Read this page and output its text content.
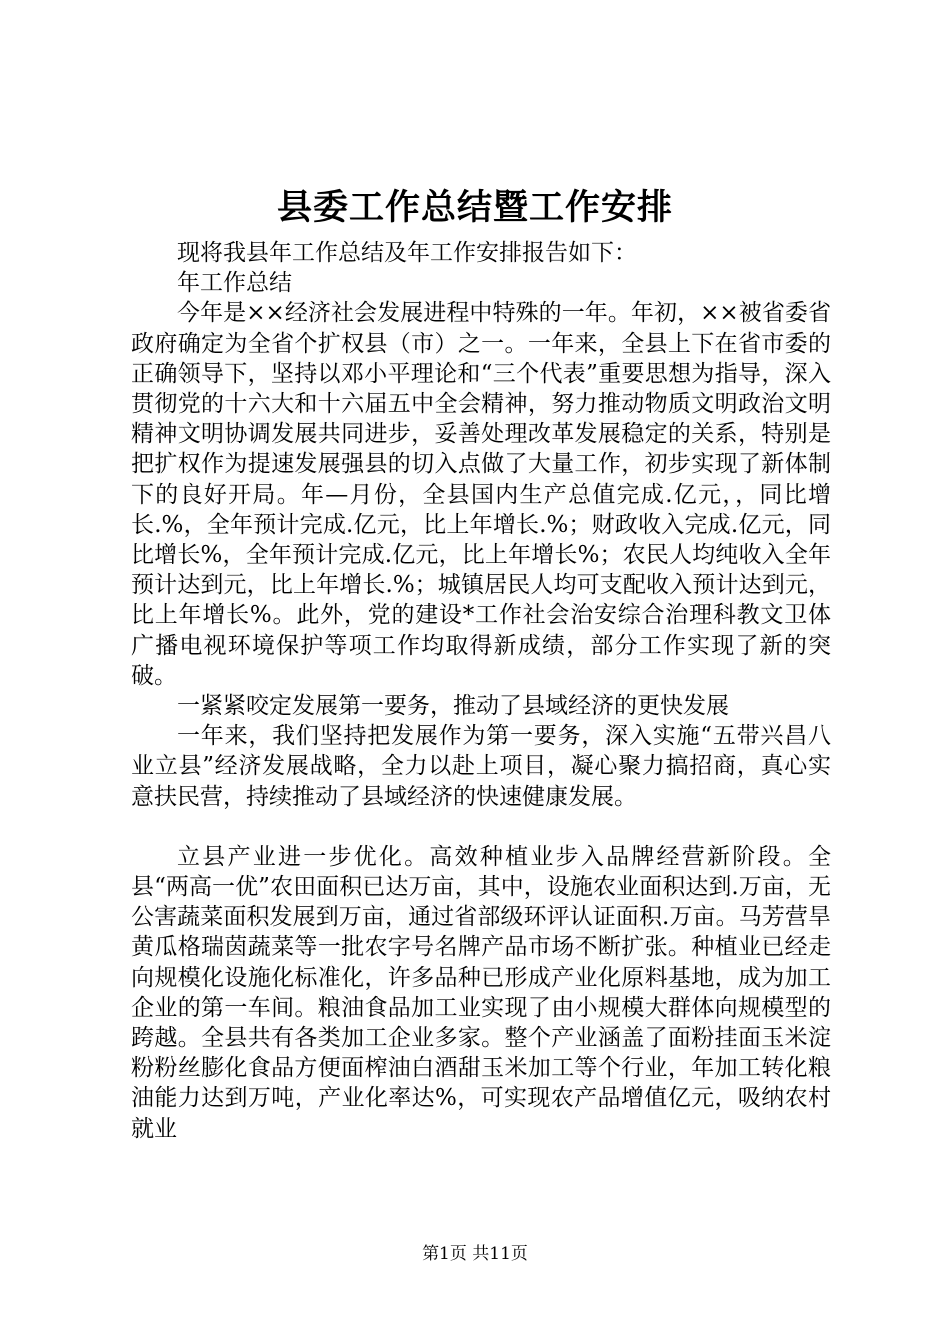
县委工作总结暨工作安排

现将我县年工作总结及年工作安排报告如下：

年工作总结

今年是××经济社会发展进程中特殊的一年。年初，××被省委省政府确定为全省个扩权县（市）之一。一年来，全县上下在省市委的正确领导下，坚持以邓小平理论和“三个代表”重要思想为指导，深入贯彻党的十六大和十六届五中全会精神，努力推动物质文明政治文明精神文明协调发展共同进步，妥善处理改革发展稳定的关系，特别是把扩权作为提速发展强县的切入点做了大量工作，初步实现了新体制下的良好开局。年—月份，全县国内生产总值完成.亿元，，同比增长.%，全年预计完成.亿元，比上年增长.%；财政收入完成.亿元，同比增长%，全年预计完成.亿元，比上年增长%；农民人均纯收入全年预计达到元，比上年增长.%；城镇居民人均可支配收入预计达到元，比上年增长%。此外，党的建设*工作社会治安综合治理科教文卫体广播电视环境保护等项工作均取得新成绩，部分工作实现了新的突破。

一紧紧咬定发展第一要务，推动了县域经济的更快发展

一年来，我们坚持把发展作为第一要务，深入实施“五带兴昌八业立县”经济发展战略，全力以赴上项目，凝心聚力搞招商，真心实意扶民营，持续推动了县域经济的快速健康发展。

立县产业进一步优化。高效种植业步入品牌经营新阶段。全县“两高一优”农田面积已达万亩，其中，设施农业面积达到.万亩，无公害蔬菜面积发展到万亩，通过省部级环评认证面积.万亩。马芳营旱黄瓜格瑞茵蔬菜等一批农字号名牌产品市场不断扩张。种植业已经走向规模化设施化标准化，许多品种已形成产业化原料基地，成为加工企业的第一车间。粮油食品加工业实现了由小规模大群体向规模型的跨越。全县共有各类加工企业多家。整个产业涵盖了面粉挂面玉米淀粉粉丝膨化食品方便面榨油白酒甜玉米加工等个行业，年加工转化粮油能力达到万吨，产业化率达%，可实现农产品增值亿元，吸纳农村就业

第1页 共11页
